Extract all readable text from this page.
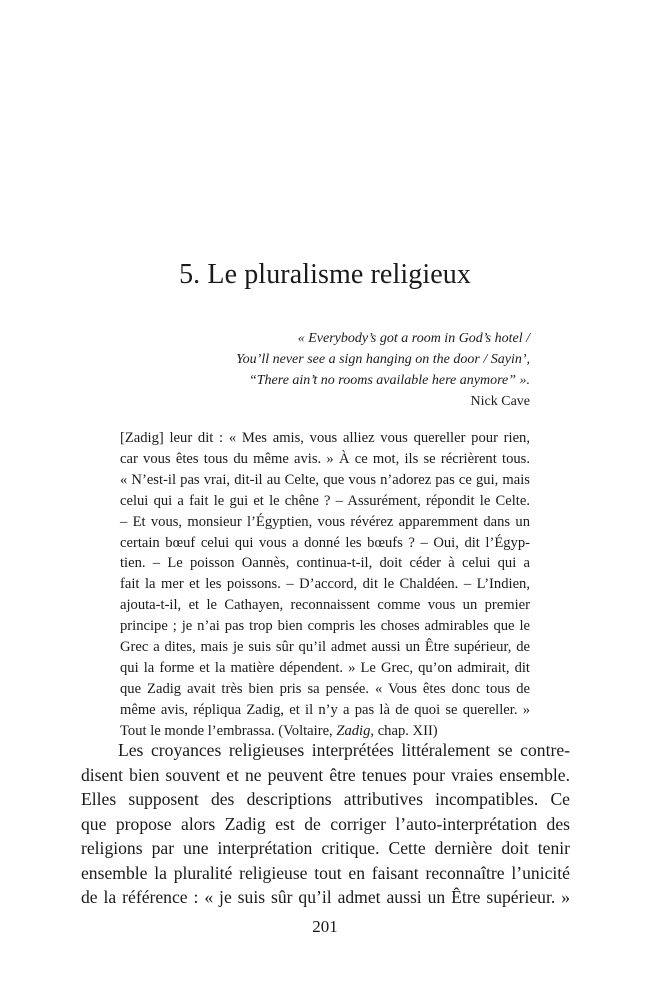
5. Le pluralisme religieux
« Everybody’s got a room in God’s hotel /
You’ll never see a sign hanging on the door / Sayin’,
“There ain’t no rooms available here anymore” ».
Nick Cave
[Zadig] leur dit : « Mes amis, vous alliez vous quereller pour rien,
car vous êtes tous du même avis. » À ce mot, ils se récrièrent tous.
« N’est-il pas vrai, dit-il au Celte, que vous n’adorez pas ce gui, mais
celui qui a fait le gui et le chêne ? – Assurément, répondit le Celte.
– Et vous, monsieur l’Égyptien, vous révérez apparemment dans un
certain bœuf celui qui vous a donné les bœufs ? – Oui, dit l’Égyp-
tien. – Le poisson Oannès, continua-t-il, doit céder à celui qui a
fait la mer et les poissons. – D’accord, dit le Chaldéen. – L’Indien,
ajouta-t-il, et le Cathayen, reconnaissent comme vous un premier
principe ; je n’ai pas trop bien compris les choses admirables que le
Grec a dites, mais je suis sûr qu’il admet aussi un Être supérieur, de
qui la forme et la matière dépendent. » Le Grec, qu’on admirait, dit
que Zadig avait très bien pris sa pensée. « Vous êtes donc tous de
même avis, répliqua Zadig, et il n’y a pas là de quoi se quereller. »
Tout le monde l’embrassa. (Voltaire, Zadig, chap. XII)
Les croyances religieuses interprétées littéralement se contre-
disent bien souvent et ne peuvent être tenues pour vraies ensemble.
Elles supposent des descriptions attributives incompatibles. Ce
que propose alors Zadig est de corriger l’auto-interprétation des
religions par une interprétation critique. Cette dernière doit tenir
ensemble la pluralité religieuse tout en faisant reconnaître l’unicité
de la référence : « je suis sûr qu’il admet aussi un Être supérieur. »
201
